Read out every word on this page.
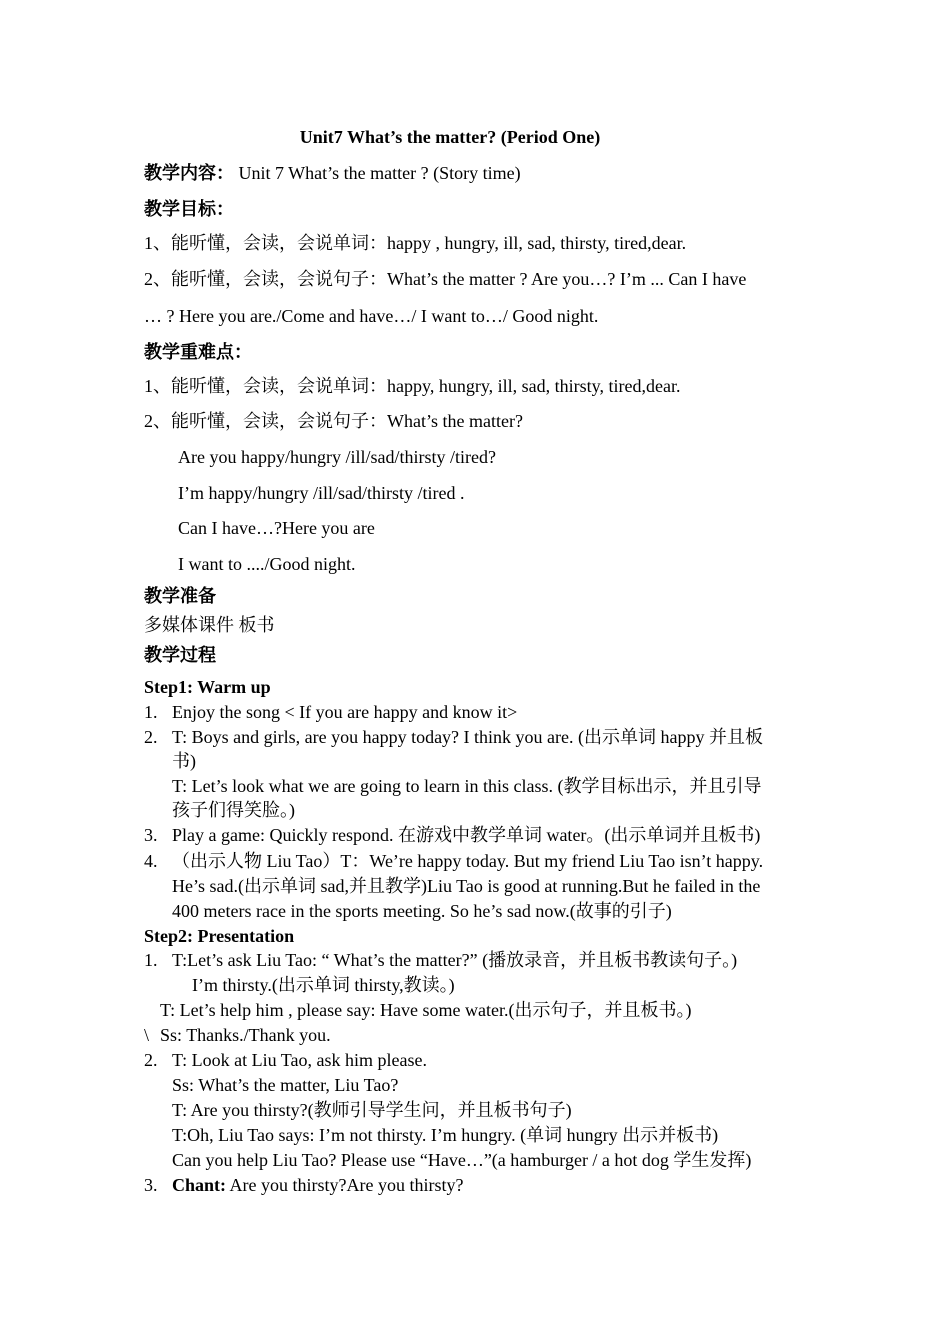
Unit7 What’s the matter? (Period One)
教学内容： Unit 7 What’s the matter ? (Story time)
教学目标：
1、能听懂，会读，会说单词：happy , hungry, ill, sad, thirsty, tired,dear.
2、能听懂，会读，会说句子：What’s the matter ? Are you…? I’m ... Can I have
… ? Here you are./Come and have…/ I want to…/ Good night.
教学重难点：
1、能听懂，会读，会说单词：happy, hungry, ill, sad, thirsty, tired,dear.
2、能听懂，会读，会说句子：What’s the matter?
Are you happy/hungry /ill/sad/thirsty /tired?
I’m happy/hungry /ill/sad/thirsty /tired .
Can I have…?Here you are
I want to ..../Good night.
教学准备
多媒体课件 板书
教学过程
Step1: Warm up
1. Enjoy the song < If you are happy and know it>
2. T: Boys and girls, are you happy today? I think you are. (出示单词 happy 并且板
书)
T: Let’s look what we are going to learn in this class. (教学目标出示，并且引导
孩子们得笑脸。)
3. Play a game: Quickly respond. 在游戏中教学单词 water。(出示单词并且板书)
4. （出示人物 Liu Tao）T：We’re happy today. But my friend Liu Tao isn’t happy.
He’s sad.(出示单词 sad,并且教学)Liu Tao is good at running.But he failed in the
400 meters race in the sports meeting. So he’s sad now.(故事的引子)
Step2: Presentation
1. T:Let’s ask Liu Tao: “ What’s the matter?” (播放录音，并且板书教读句子。)
I’m thirsty.(出示单词 thirsty,教读。)
T: Let’s help him , please say: Have some water.(出示句子，并且板书。)
\ Ss: Thanks./Thank you.
2. T: Look at Liu Tao, ask him please.
Ss: What’s the matter, Liu Tao?
T: Are you thirsty?(教师引导学生问，并且板书句子)
T:Oh, Liu Tao says: I’m not thirsty. I’m hungry. (单词 hungry 出示并板书)
Can you help Liu Tao? Please use “Have…”(a hamburger / a hot dog 学生发挥)
3. Chant: Are you thirsty?Are you thirsty?
